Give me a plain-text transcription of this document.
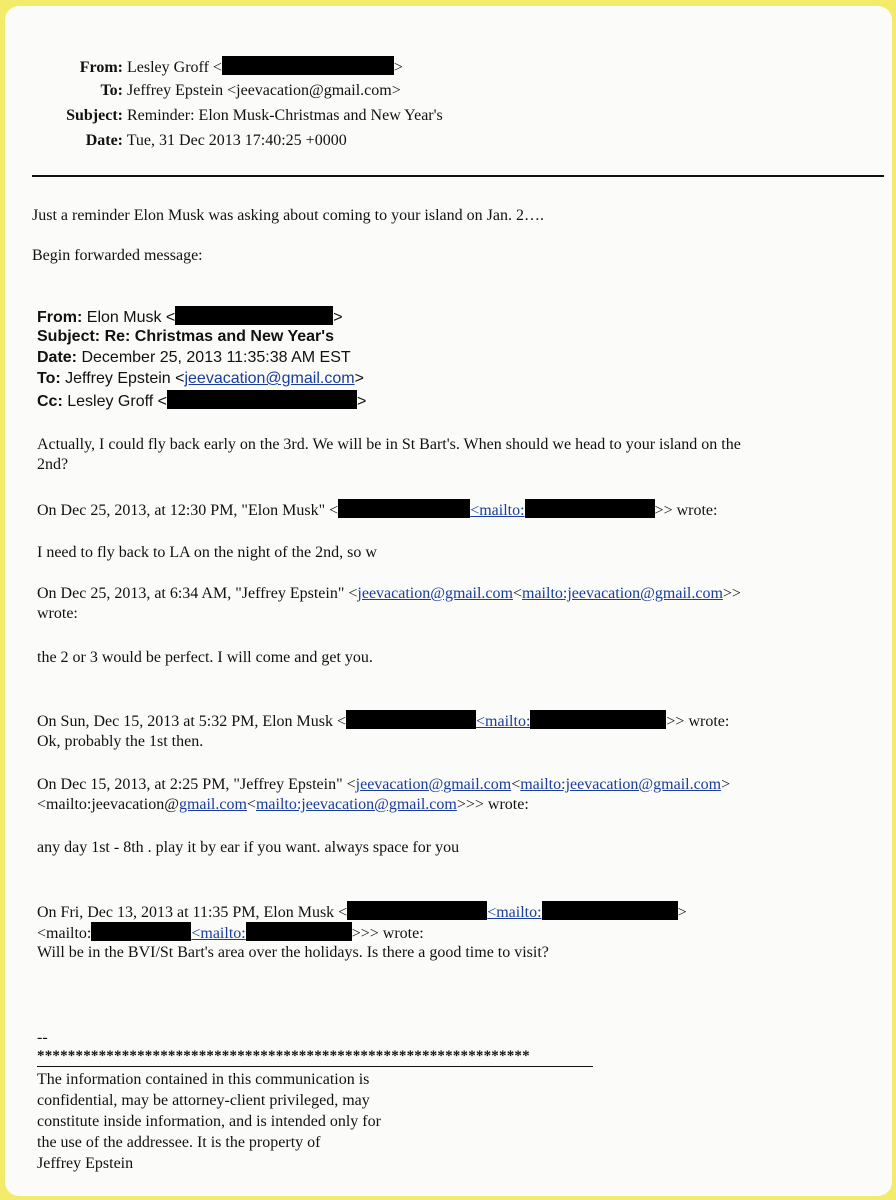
From: Lesley Groff <	>
To: Jeffrey Epstein <jeevacation@gmail.com>
Subject: Reminder: Elon Musk-Christmas and New Year's
Date: Tue, 31 Dec 2013 17:40:25 +0000
Just a reminder Elon Musk was asking about coming to your island on Jan. 2….
Begin forwarded message:
From: Elon Musk <	>
Subject: Re: Christmas and New Year's
Date: December 25, 2013 11:35:38 AM EST
To: Jeffrey Epstein <jeevacation@gmail.com>
Cc: Lesley Groff <	>
Actually, I could fly back early on the 3rd. We will be in St Bart's. When should we head to your island on the
2nd?
On Dec 25, 2013, at 12:30 PM, "Elon Musk" <	<mailto:	>> wrote:
I need to fly back to LA on the night of the 2nd, so w
On Dec 25, 2013, at 6:34 AM, "Jeffrey Epstein" <jeevacation@gmail.com<mailto:jeevacation@gmail.com>>
wrote:
the 2 or 3 would be perfect. I will come and get you.
On Sun, Dec 15, 2013 at 5:32 PM, Elon Musk <	<mailto:	>> wrote:
Ok, probably the 1st then.
On Dec 15, 2013, at 2:25 PM, "Jeffrey Epstein" <jeevacation@gmail.com<mailto:jeevacation@gmail.com>
<mailto:jeevacation@gmail.com<mailto:jeevacation@gmail.com>>> wrote:
any day 1st - 8th . play it by ear if you want. always space for you
On Fri, Dec 13, 2013 at 11:35 PM, Elon Musk <	<mailto:	>
<mailto:	<mailto:	>>> wrote:
Will be in the BVI/St Bart's area over the holidays. Is there a good time to visit?
--
****************************************************************
The information contained in this communication is
confidential, may be attorney-client privileged, may
constitute inside information, and is intended only for
the use of the addressee. It is the property of
Jeffrey Epstein
